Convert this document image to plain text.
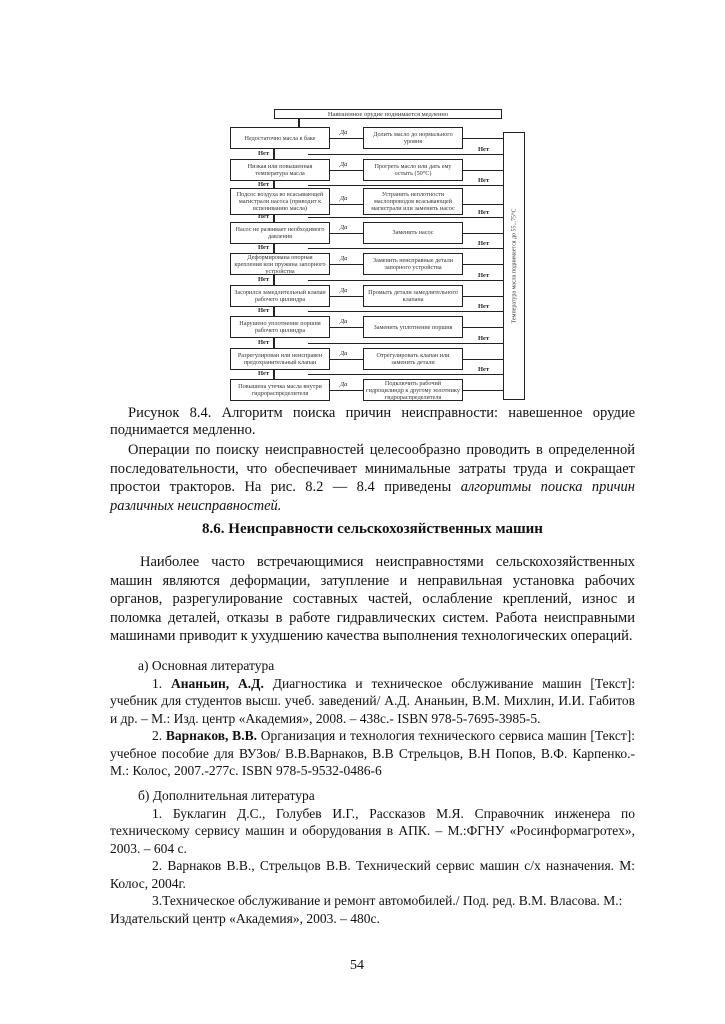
Навешенное орудие поднимается медленно
Температура масла поднимается до 55...75°С
Недостаточно масла в баке
Да	Долить масло до нормального уровня
Нет
Нет
Низкая или повышенная температура масла
Да	Прогреть масло или дать ему остыть (50°С)
Нет
Нет
Подсос воздуха во всасывающей магистрали насоса (приводит к вспениванию масла)
Да	Устранить неплотности маслопроводов всасывающей магистрали или заменить насос
Нет
Нет
Насос не развивает необходимого давления
Да
Заменить насос
Нет
Нет
Деформирована опорная крепления или пружина запорного устройства
Да	Заменить неисправные детали запорного устройства
Нет
Нет
Засорился замедлительный клапан рабочего цилиндра
Да	Промыть детали замедлительного клапана
Нет
Нет
Нарушено уплотнение поршня рабочего цилиндра
Да
Заменить уплотнение поршня
Нет
Нет
Разрегулирован или неисправен предохранительный клапан
Да	Отрегулировать клапан или заменить детали
Нет
Нет
Повышена утечка масла внутри гидрораспределителя
Да	Подключить рабочий гидроцилиндр к другому золотнику гидрораспределителя
Рисунок 8.4. Алгоритм поиска причин неисправности: навешенное орудие поднимается медленно.
Операции по поиску неисправностей целесообразно проводить в определенной последовательности, что обеспечивает минимальные затраты труда и сокращает простои тракторов. На рис. 8.2 — 8.4 приведены алгоритмы поиска причин различных неисправностей.
8.6. Неисправности сельскохозяйственных машин
Наиболее часто встречающимися неисправностями сельскохозяйственных машин являются деформации, затупление и неправильная установка рабочих органов, разрегулирование составных частей, ослабление креплений, износ и поломка деталей, отказы в работе гидравлических систем. Работа неисправными машинами приводит к ухудшению качества выполнения технологических операций.
а) Основная литература
1. Ананьин, А.Д. Диагностика и техническое обслуживание машин [Текст]: учебник для студентов высш. учеб. заведений/ А.Д. Ананьин, В.М. Михлин, И.И. Габитов и др. – М.: Изд. центр «Академия», 2008. – 438с.- ISBN 978-5-7695-3985-5.
2. Варнаков, В.В. Организация и технология технического сервиса машин [Текст]: учебное пособие для ВУЗов/ В.В.Варнаков, В.В Стрельцов, В.Н Попов, В.Ф. Карпенко.- М.: Колос, 2007.-277с. ISBN 978-5-9532-0486-6
б) Дополнительная литература
1. Буклагин Д.С., Голубев И.Г., Рассказов М.Я. Справочник инженера по техническому сервису машин и оборудования в АПК. – М.:ФГНУ «Росинформагротех», 2003. – 604 с.
2. Варнаков В.В., Стрельцов В.В. Технический сервис машин с/х назначения. М: Колос, 2004г.
3.Техническое обслуживание и ремонт автомобилей./ Под. ред. В.М. Власова. М.: Издательский центр «Академия», 2003. – 480с.
54
